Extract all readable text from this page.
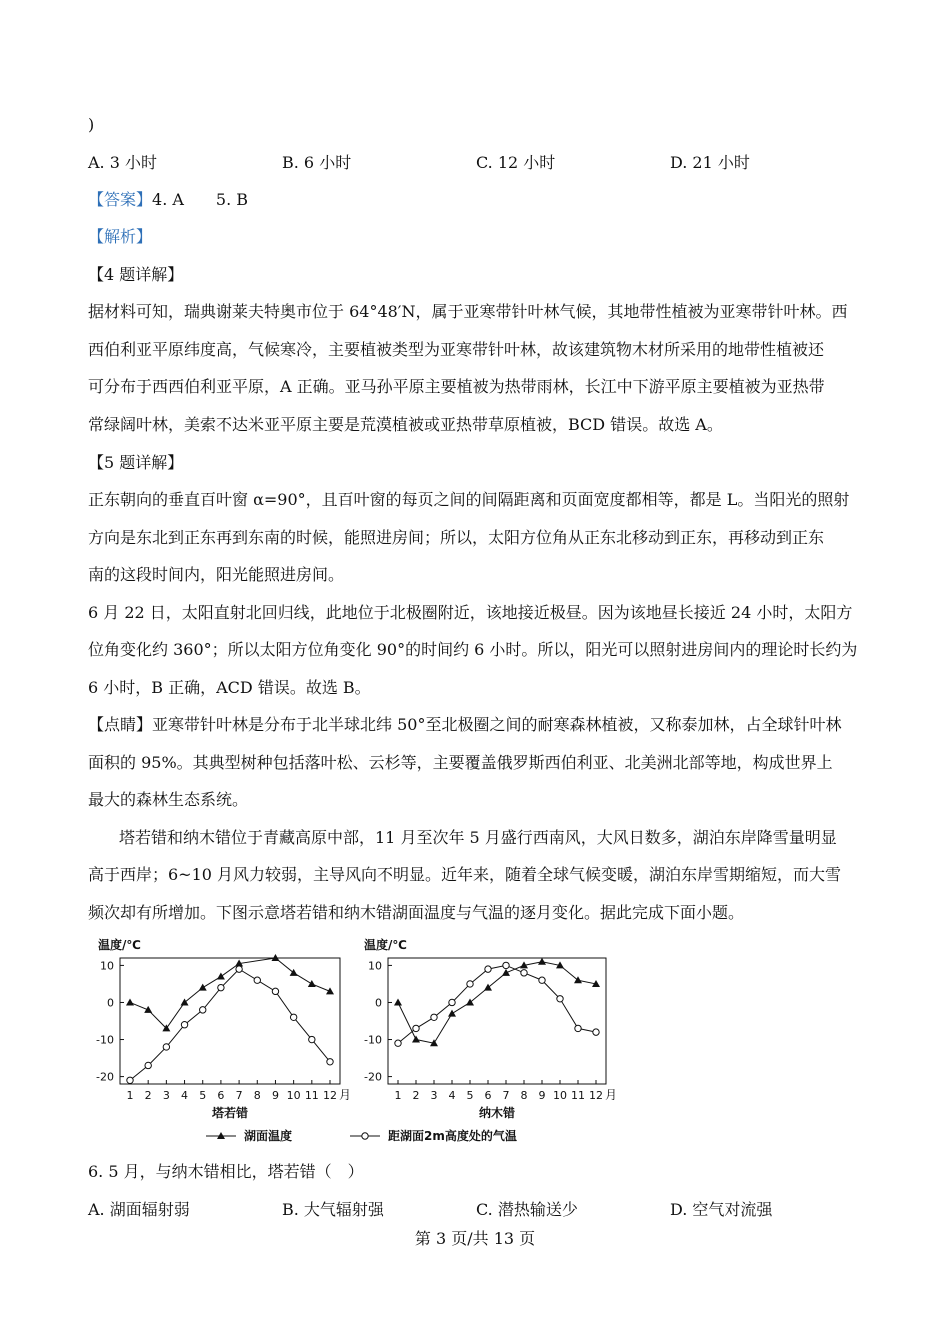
)
A. 3 小时	B. 6 小时	C. 12 小时	D. 21 小时
【答案】4. A　　5. B
【解析】
【4 题详解】
据材料可知，瑞典谢莱夫特奥市位于 64°48′N，属于亚寒带针叶林气候，其地带性植被为亚寒带针叶林。西
西伯利亚平原纬度高，气候寒冷，主要植被类型为亚寒带针叶林，故该建筑物木材所采用的地带性植被还
可分布于西西伯利亚平原，A 正确。亚马孙平原主要植被为热带雨林，长江中下游平原主要植被为亚热带
常绿阔叶林，美索不达米亚平原主要是荒漠植被或亚热带草原植被，BCD 错误。故选 A。
【5 题详解】
正东朝向的垂直百叶窗 α=90°，且百叶窗的每页之间的间隔距离和页面宽度都相等，都是 L。当阳光的照射
方向是东北到正东再到东南的时候，能照进房间；所以，太阳方位角从正东北移动到正东，再移动到正东
南的这段时间内，阳光能照进房间。
6 月 22 日，太阳直射北回归线，此地位于北极圈附近，该地接近极昼。因为该地昼长接近 24 小时，太阳方
位角变化约 360°；所以太阳方位角变化 90°的时间约 6 小时。所以，阳光可以照射进房间内的理论时长约为
6 小时，B 正确，ACD 错误。故选 B。
【点睛】亚寒带针叶林是分布于北半球北纬 50°至北极圈之间的耐寒森林植被，又称泰加林，占全球针叶林
面积的 95%。其典型树种包括落叶松、云杉等，主要覆盖俄罗斯西伯利亚、北美洲北部等地，构成世界上
最大的森林生态系统。
塔若错和纳木错位于青藏高原中部，11 月至次年 5 月盛行西南风，大风日数多，湖泊东岸降雪量明显
高于西岸；6~10 月风力较弱，主导风向不明显。近年来，随着全球气候变暖，湖泊东岸雪期缩短，而大雪
频次却有所增加。下图示意塔若错和纳木错湖面温度与气温的逐月变化。据此完成下面小题。
温度/℃
10
0
-10
-20
1 2 3 4 5 6 7 8 9 10 11 12 月
塔若错
温度/℃
10
0
-10
-20
1 2 3 4 5 6 7 8 9 10 11 12 月
纳木错
湖面温度	距湖面2m高度处的气温
6. 5 月，与纳木错相比，塔若错（　）
A. 湖面辐射弱	B. 大气辐射强	C. 潜热输送少	D. 空气对流强
第 3 页/共 13 页
